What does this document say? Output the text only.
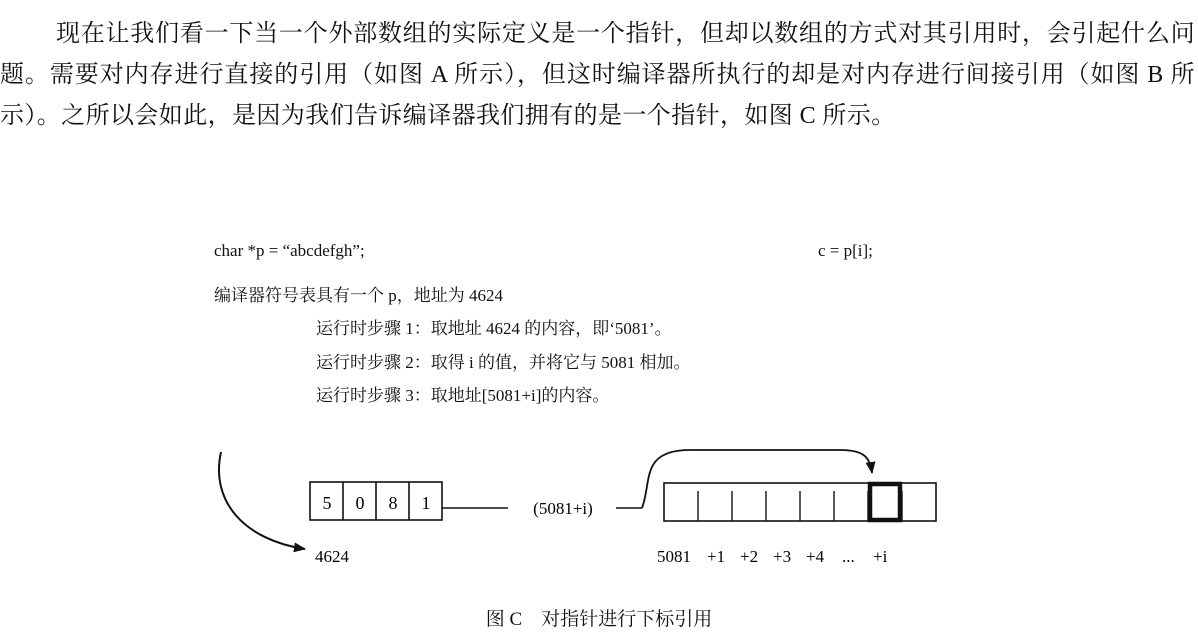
现在让我们看一下当一个外部数组的实际定义是一个指针，但却以数组的方式对其引用时，会引起什么问题。需要对内存进行直接的引用（如图 A 所示），但这时编译器所执行的却是对内存进行间接引用（如图 B 所示）。之所以会如此，是因为我们告诉编译器我们拥有的是一个指针，如图 C 所示。
char *p = “abcdefgh”;	c = p[i];
编译器符号表具有一个 p，地址为 4624
运行时步骤 1：取地址 4624 的内容，即‘5081’。
运行时步骤 2：取得 i 的值，并将它与 5081 相加。
运行时步骤 3：取地址[5081+i]的内容。
5 0 8 1
4624
(5081+i)
5081 +1 +2 +3 +4 ... +i
图 C　对指针进行下标引用
